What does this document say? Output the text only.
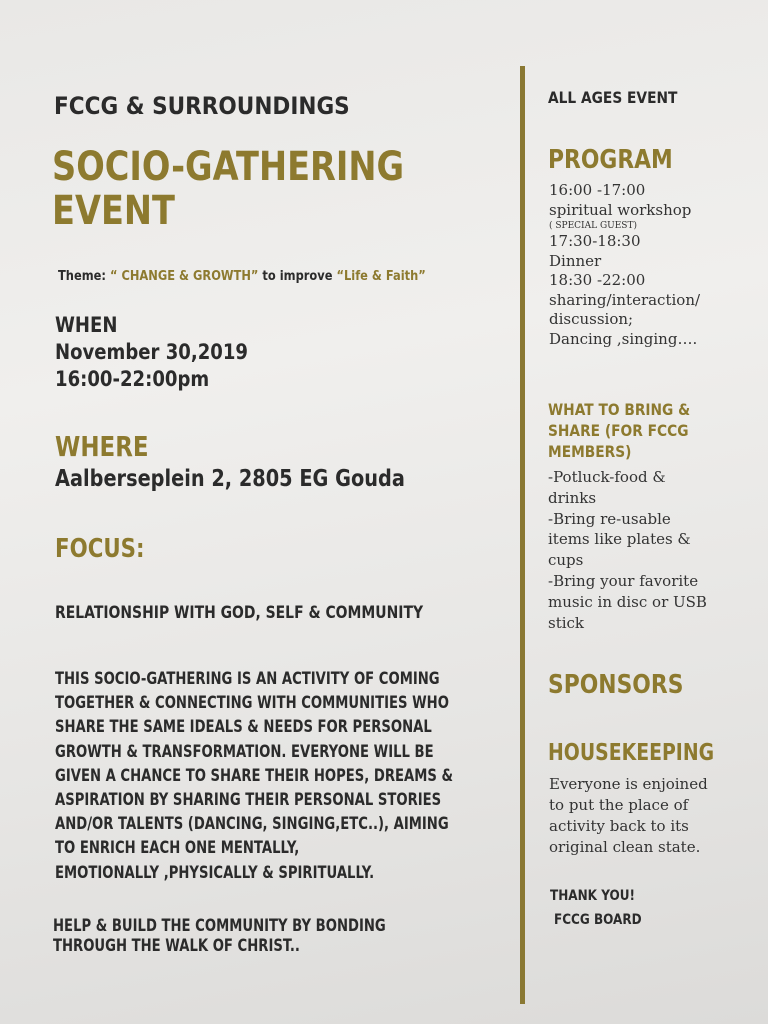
FCCG & SURROUNDINGS
SOCIO-GATHERING
EVENT
Theme: “ CHANGE & GROWTH” to improve “Life & Faith”
WHEN
November 30,2019
16:00-22:00pm
WHERE
Aalberseplein 2, 2805 EG Gouda
FOCUS:
RELATIONSHIP WITH GOD, SELF & COMMUNITY
THIS SOCIO-GATHERING IS AN ACTIVITY OF COMING
TOGETHER & CONNECTING WITH COMMUNITIES WHO
SHARE THE SAME IDEALS & NEEDS FOR PERSONAL
GROWTH & TRANSFORMATION. EVERYONE WILL BE
GIVEN A CHANCE TO SHARE THEIR HOPES, DREAMS &
ASPIRATION BY SHARING THEIR PERSONAL STORIES
AND/OR TALENTS (DANCING, SINGING,ETC..), AIMING
TO ENRICH EACH ONE MENTALLY,
EMOTIONALLY ,PHYSICALLY & SPIRITUALLY.
HELP & BUILD THE COMMUNITY BY BONDING
THROUGH THE WALK OF CHRIST..
ALL AGES EVENT
PROGRAM
16:00 -17:00
spiritual workshop
( SPECIAL GUEST)
17:30-18:30
Dinner
18:30 -22:00
sharing/interaction/
discussion;
Dancing ,singing….
WHAT TO BRING &
SHARE (FOR FCCG
MEMBERS)
-Potluck-food &
drinks
-Bring re-usable
items like plates &
cups
-Bring your favorite
music in disc or USB
stick
SPONSORS
HOUSEKEEPING
Everyone is enjoined
to put the place of
activity back to its
original clean state.
THANK YOU!
FCCG BOARD
